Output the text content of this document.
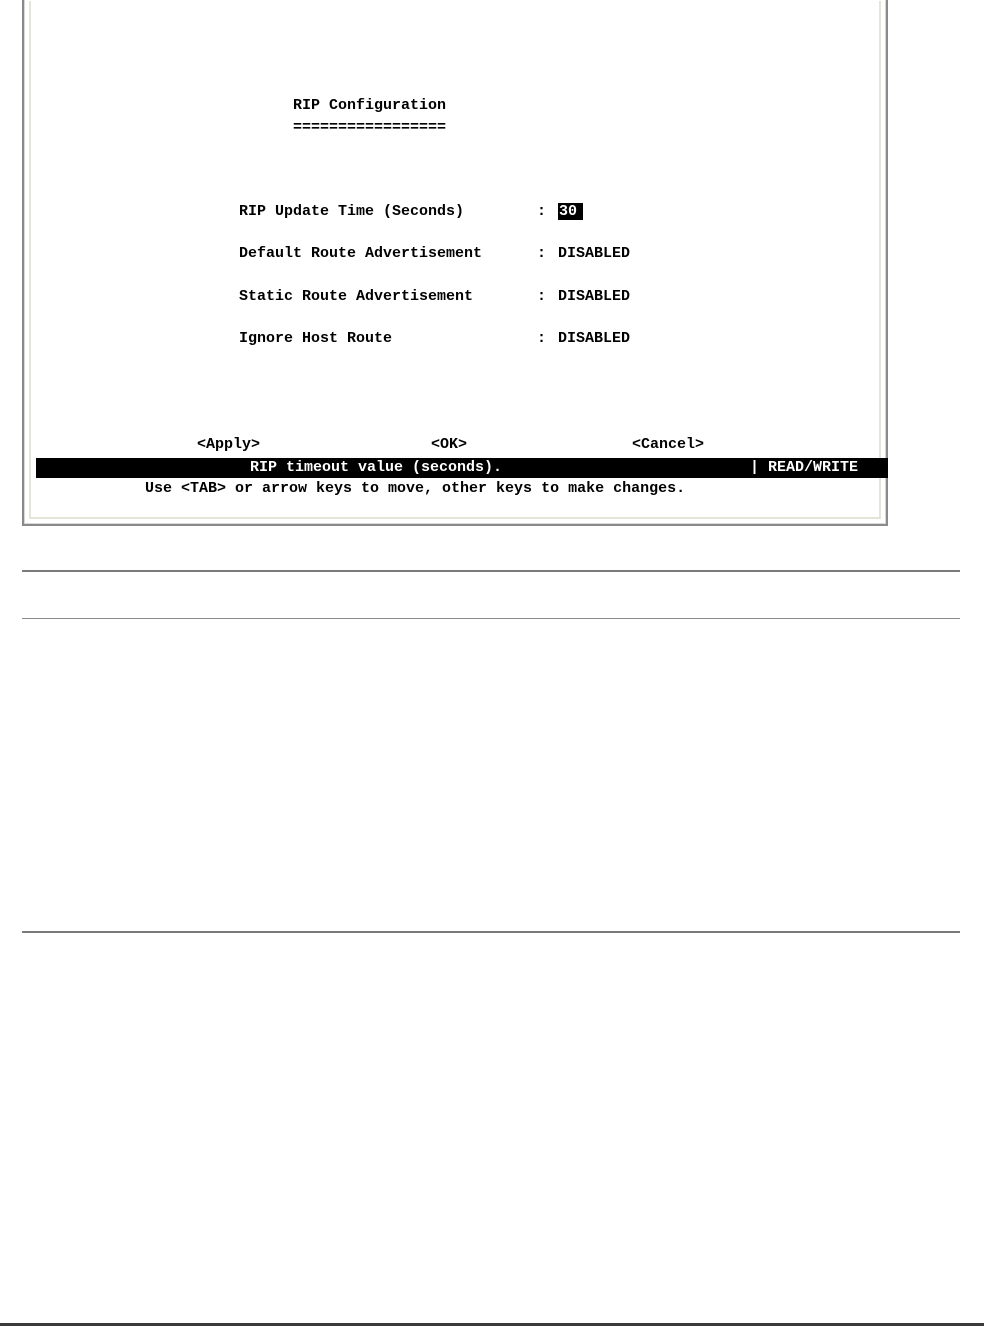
RIP Configuration
=================
RIP Update Time (Seconds)	: 30
Default Route Advertisement	: DISABLED
Static Route Advertisement	: DISABLED
Ignore Host Route	: DISABLED
<Apply>	<OK>	<Cancel>
RIP timeout value (seconds).	| READ/WRITE
Use <TAB> or arrow keys to move, other keys to make changes.
